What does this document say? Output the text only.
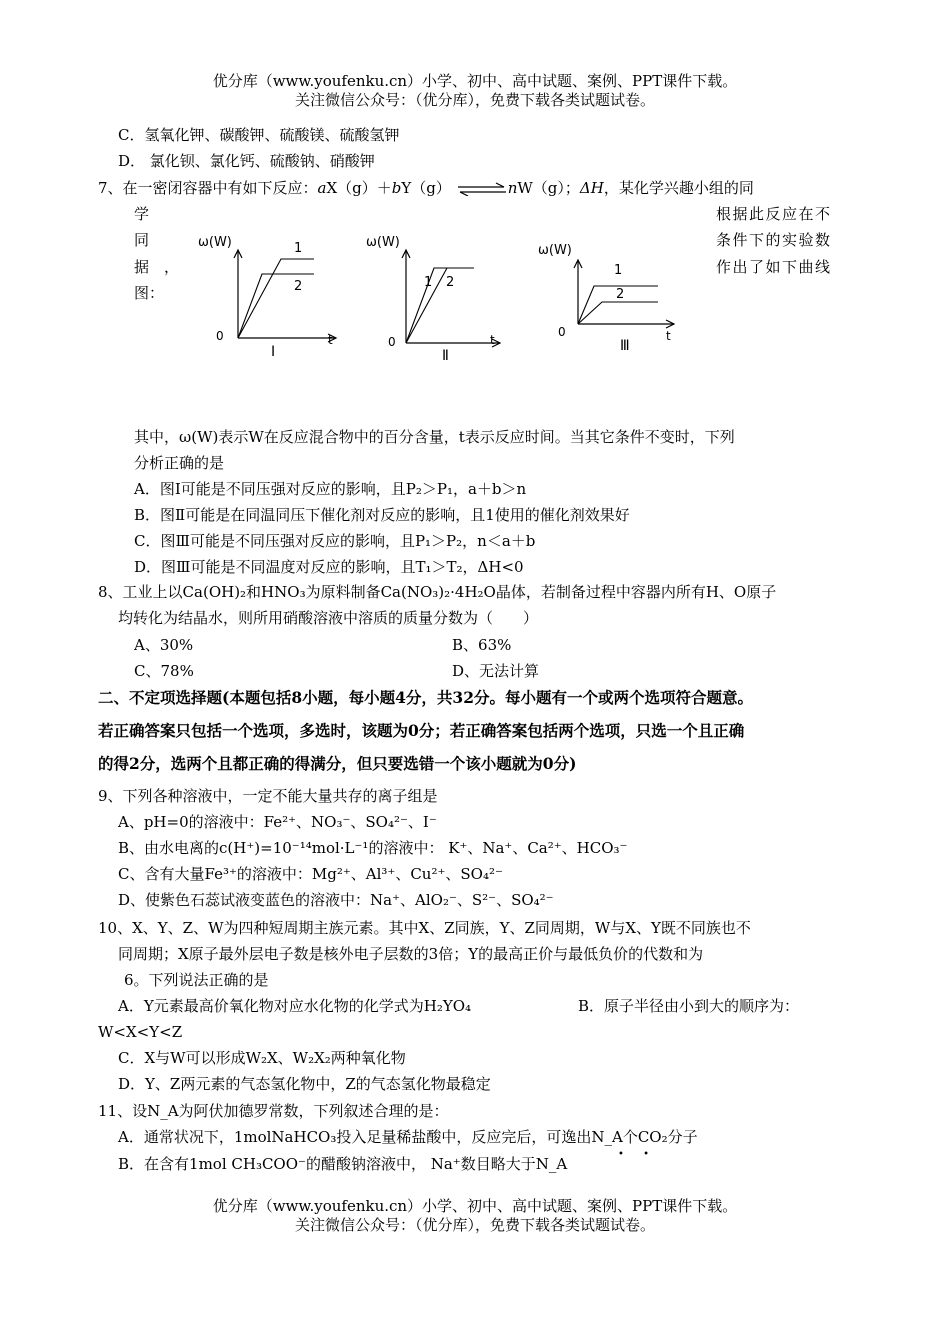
优分库（www.youfenku.cn）小学、初中、高中试题、案例、PPT课件下载。
关注微信公众号：（优分库），免费下载各类试题试卷。
C．氢氧化钾、碳酸钾、硫酸镁、硫酸氢钾
D． 氯化钡、氯化钙、硫酸钠、硝酸钾
7、在一密闭容器中有如下反应：aX（g）＋bY（g） ⇌nW（g）；ΔH，某化学兴趣小组的同
学
同
据　，
图：
根据此反应在不
条件下的实验数
作出了如下曲线
ω(W)	1
2
0	t
Ⅰ
ω(W)
1 2
0	t
Ⅱ
ω(W)
1
2
0	t
Ⅲ
其中，ω(W)表示W在反应混合物中的百分含量，t表示反应时间。当其它条件不变时，下列
分析正确的是
A．图Ⅰ可能是不同压强对反应的影响，且P₂＞P₁，a＋b＞n
B．图Ⅱ可能是在同温同压下催化剂对反应的影响，且1使用的催化剂效果好
C．图Ⅲ可能是不同压强对反应的影响，且P₁＞P₂，n＜a＋b
D．图Ⅲ可能是不同温度对反应的影响，且T₁＞T₂，ΔH<0
8、工业上以Ca(OH)₂和HNO₃为原料制备Ca(NO₃)₂·4H₂O晶体，若制备过程中容器内所有H、O原子
均转化为结晶水，则所用硝酸溶液中溶质的质量分数为（　　）
A、30%	B、63%
C、78%	D、无法计算
二、不定项选择题(本题包括8小题，每小题4分，共32分。每小题有一个或两个选项符合题意。
若正确答案只包括一个选项，多选时，该题为0分；若正确答案包括两个选项，只选一个且正确
的得2分，选两个且都正确的得满分，但只要选错一个该小题就为0分)
9、下列各种溶液中，一定不能大量共存的离子组是
A、pH=0的溶液中：Fe²⁺、NO₃⁻、SO₄²⁻、I⁻
B、由水电离的c(H⁺)=10⁻¹⁴mol·L⁻¹的溶液中： K⁺、Na⁺、Ca²⁺、HCO₃⁻
C、含有大量Fe³⁺的溶液中：Mg²⁺、Al³⁺、Cu²⁺、SO₄²⁻
D、使紫色石蕊试液变蓝色的溶液中：Na⁺、AlO₂⁻、S²⁻、SO₄²⁻
10、X、Y、Z、W为四种短周期主族元素。其中X、Z同族，Y、Z同周期，W与X、Y既不同族也不
同周期；X原子最外层电子数是核外电子层数的3倍；Y的最高正价与最低负价的代数和为
6。下列说法正确的是
A．Y元素最高价氧化物对应水化物的化学式为H₂YO₄	B．原子半径由小到大的顺序为：
W<X<Y<Z
C．X与W可以形成W₂X、W₂X₂两种氧化物
D．Y、Z两元素的气态氢化物中，Z的气态氢化物最稳定
11、设N_A为阿伏加德罗常数，下列叙述合理的是：
A．通常状况下，1molNaHCO₃投入足量稀盐酸中，反应完后，可逸出N_A个CO₂分子
• •
B．在含有1mol CH₃COO⁻的醋酸钠溶液中， Na⁺数目略大于N_A
优分库（www.youfenku.cn）小学、初中、高中试题、案例、PPT课件下载。
关注微信公众号：（优分库），免费下载各类试题试卷。
